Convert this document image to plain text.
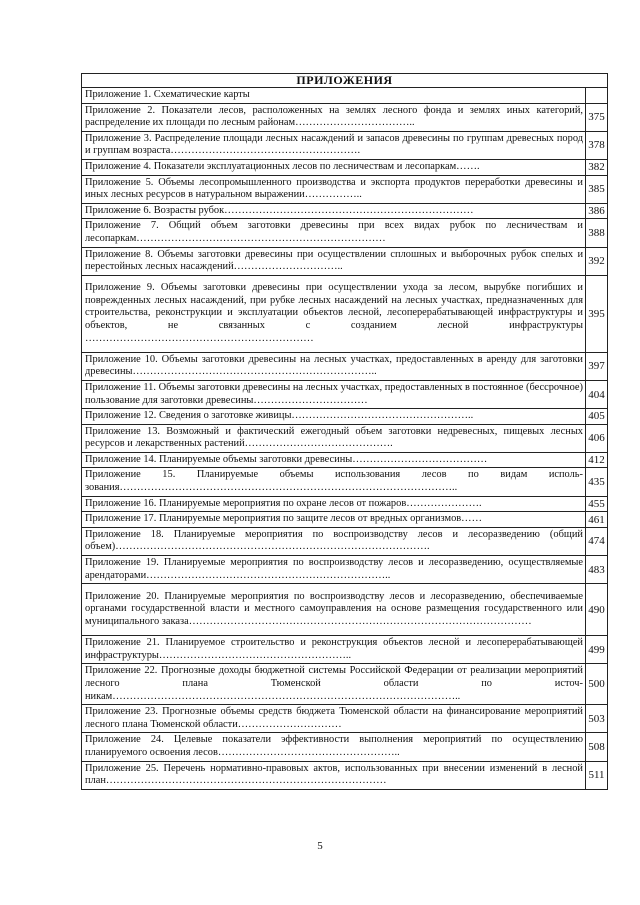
ПРИЛОЖЕНИЯ	
Приложение 1. Схематические карты	
Приложение 2. Показатели лесов, расположенных на землях лесного фонда и землях иных категорий, распределение их площади по лесным районам……………………………..	375
Приложение 3. Распределение площади лесных насаждений и запасов древесины по группам древесных пород и группам возраста……………………………………………….	378
Приложение 4. Показатели эксплуатационных лесов по лесничествам и лесопаркам…….	382
Приложение 5. Объемы лесопромышленного производства и экспорта продуктов переработки древесины и иных лесных ресурсов в натуральном выражении……………..	385
Приложение 6. Возрасты рубок………………………………………………………………	386
Приложение 7. Общий объем заготовки древесины при всех видах рубок по лесничествам и лесопаркам………………………………………………………………	388
Приложение 8. Объемы заготовки древесины при осуществлении сплошных и выборочных рубок спелых и перестойных лесных насаждений…………………………..	392
Приложение 9. Объемы заготовки древесины при осуществлении ухода за лесом, вырубке погибших и поврежденных лесных насаждений, при рубке лесных насаждений на лесных участках, предназначенных для строительства, реконструкции и эксплуатации объектов лесной, лесоперерабатывающей инфраструктуры и объектов, не связанных с созданием лесной инфраструктуры …………………………………………………………	395
Приложение 10. Объемы заготовки древесины на лесных участках, предоставленных в аренду для заготовки древесины……………………………………………………………..	397
Приложение 11. Объемы заготовки древесины на лесных участках, предоставленных в постоянное (бессрочное) пользование для заготовки древесины……………………………	404
Приложение 12. Сведения о заготовке живицы……………………………………………..	405
Приложение 13. Возможный и фактический ежегодный объем заготовки недревесных, пищевых лесных ресурсов и лекарственных растений…………………………………….	406
Приложение 14. Планируемые объемы заготовки древесины…………………………………	412
Приложение 15. Планируемые объемы использования лесов по видам исполь-зования……………………………………………………………………………………..	435
Приложение 16. Планируемые мероприятия по охране лесов от пожаров………………….	455
Приложение 17. Планируемые мероприятия по защите лесов от вредных организмов……	461
Приложение 18. Планируемые мероприятия по воспроизводству лесов и лесоразведению (общий объем)……………………………………………………………………………….	474
Приложение 19. Планируемые мероприятия по воспроизводству лесов и лесоразведению, осуществляемые арендаторами……………………………………………………………..	483
Приложение 20. Планируемые мероприятия по воспроизводству лесов и лесоразведению, обеспечиваемые органами государственной власти и местного самоуправления на основе размещения государственного или муниципального заказа………………………………………………………………………………………	490
Приложение 21. Планируемое строительство и реконструкция объектов лесной и лесоперерабатывающей инфраструктуры………………………………………………..	499
Приложение 22. Прогнозные доходы бюджетной системы Российской Федерации от реализации мероприятий лесного плана Тюменской области по источ-никам………………………………………………………………………………………..	500
Приложение 23. Прогнозные объемы средств бюджета Тюменской области на финансирование мероприятий лесного плана Тюменской области…………………………	503
Приложение 24. Целевые показатели эффективности выполнения мероприятий по осуществлению планируемого освоения лесов……………………………………………..	508
Приложение 25. Перечень нормативно-правовых актов, использованных при внесении изменений в лесной план………………………………………………………………………	511
5
